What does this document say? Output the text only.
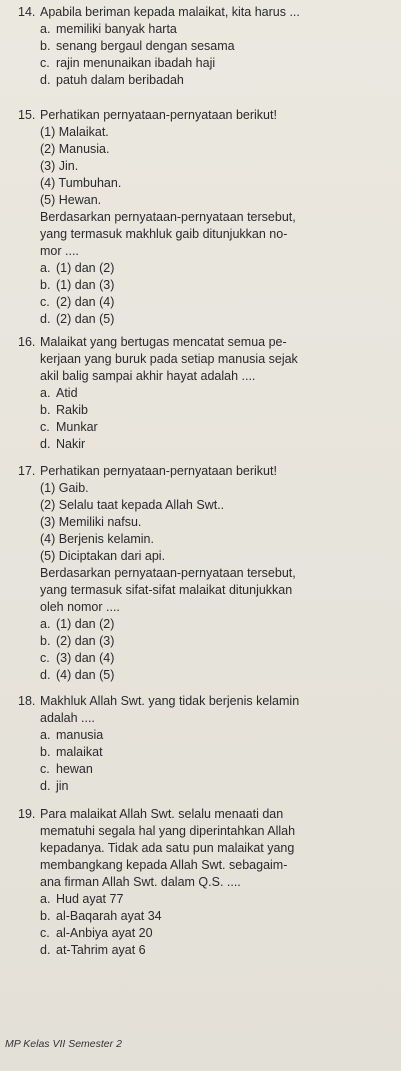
14. Apabila beriman kepada malaikat, kita harus ...
a. memiliki banyak harta
b. senang bergaul dengan sesama
c. rajin menunaikan ibadah haji
d. patuh dalam beribadah
15. Perhatikan pernyataan-pernyataan berikut!
(1) Malaikat.
(2) Manusia.
(3) Jin.
(4) Tumbuhan.
(5) Hewan.
Berdasarkan pernyataan-pernyataan tersebut,
yang termasuk makhluk gaib ditunjukkan no-
mor ....
a. (1) dan (2)
b. (1) dan (3)
c. (2) dan (4)
d. (2) dan (5)
16. Malaikat yang bertugas mencatat semua pe-
kerjaan yang buruk pada setiap manusia sejak
akil balig sampai akhir hayat adalah ....
a. Atid
b. Rakib
c. Munkar
d. Nakir
17. Perhatikan pernyataan-pernyataan berikut!
(1) Gaib.
(2) Selalu taat kepada Allah Swt..
(3) Memiliki nafsu.
(4) Berjenis kelamin.
(5) Diciptakan dari api.
Berdasarkan pernyataan-pernyataan tersebut,
yang termasuk sifat-sifat malaikat ditunjukkan
oleh nomor ....
a. (1) dan (2)
b. (2) dan (3)
c. (3) dan (4)
d. (4) dan (5)
18. Makhluk Allah Swt. yang tidak berjenis kelamin
adalah ....
a. manusia
b. malaikat
c. hewan
d. jin
19. Para malaikat Allah Swt. selalu menaati dan
mematuhi segala hal yang diperintahkan Allah
kepadanya. Tidak ada satu pun malaikat yang
membangkang kepada Allah Swt. sebagaim-
ana firman Allah Swt. dalam Q.S. ....
a. Hud ayat 77
b. al-Baqarah ayat 34
c. al-Anbiya ayat 20
d. at-Tahrim ayat 6
MP Kelas VII Semester 2
